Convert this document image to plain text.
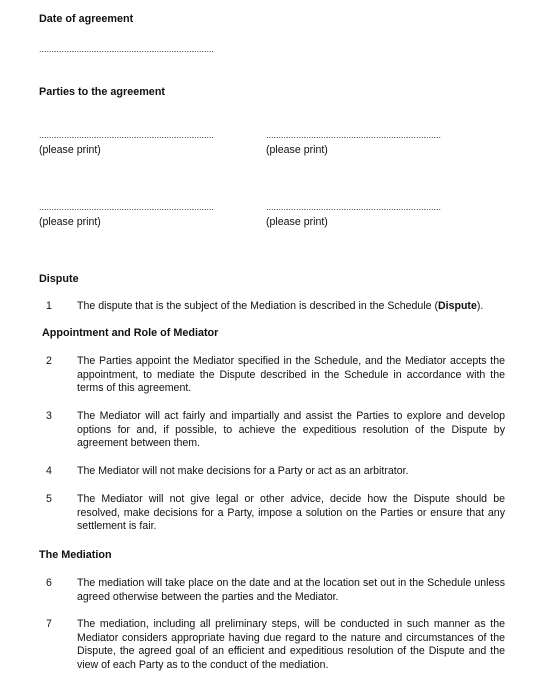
Date of agreement
......................................................................
Parties to the agreement
......................................................................
(please print)
......................................................................
(please print)
......................................................................
(please print)
......................................................................
(please print)
Dispute
1 The dispute that is the subject of the Mediation is described in the Schedule (Dispute).
Appointment and Role of Mediator
2 The Parties appoint the Mediator specified in the Schedule, and the Mediator accepts the appointment, to mediate the Dispute described in the Schedule in accordance with the terms of this agreement.
3 The Mediator will act fairly and impartially and assist the Parties to explore and develop options for and, if possible, to achieve the expeditious resolution of the Dispute by agreement between them.
4 The Mediator will not make decisions for a Party or act as an arbitrator.
5 The Mediator will not give legal or other advice, decide how the Dispute should be resolved, make decisions for a Party, impose a solution on the Parties or ensure that any settlement is fair.
The Mediation
6 The mediation will take place on the date and at the location set out in the Schedule unless agreed otherwise between the parties and the Mediator.
7 The mediation, including all preliminary steps, will be conducted in such manner as the Mediator considers appropriate having due regard to the nature and circumstances of the Dispute, the agreed goal of an efficient and expeditious resolution of the Dispute and the view of each Party as to the conduct of the mediation.
